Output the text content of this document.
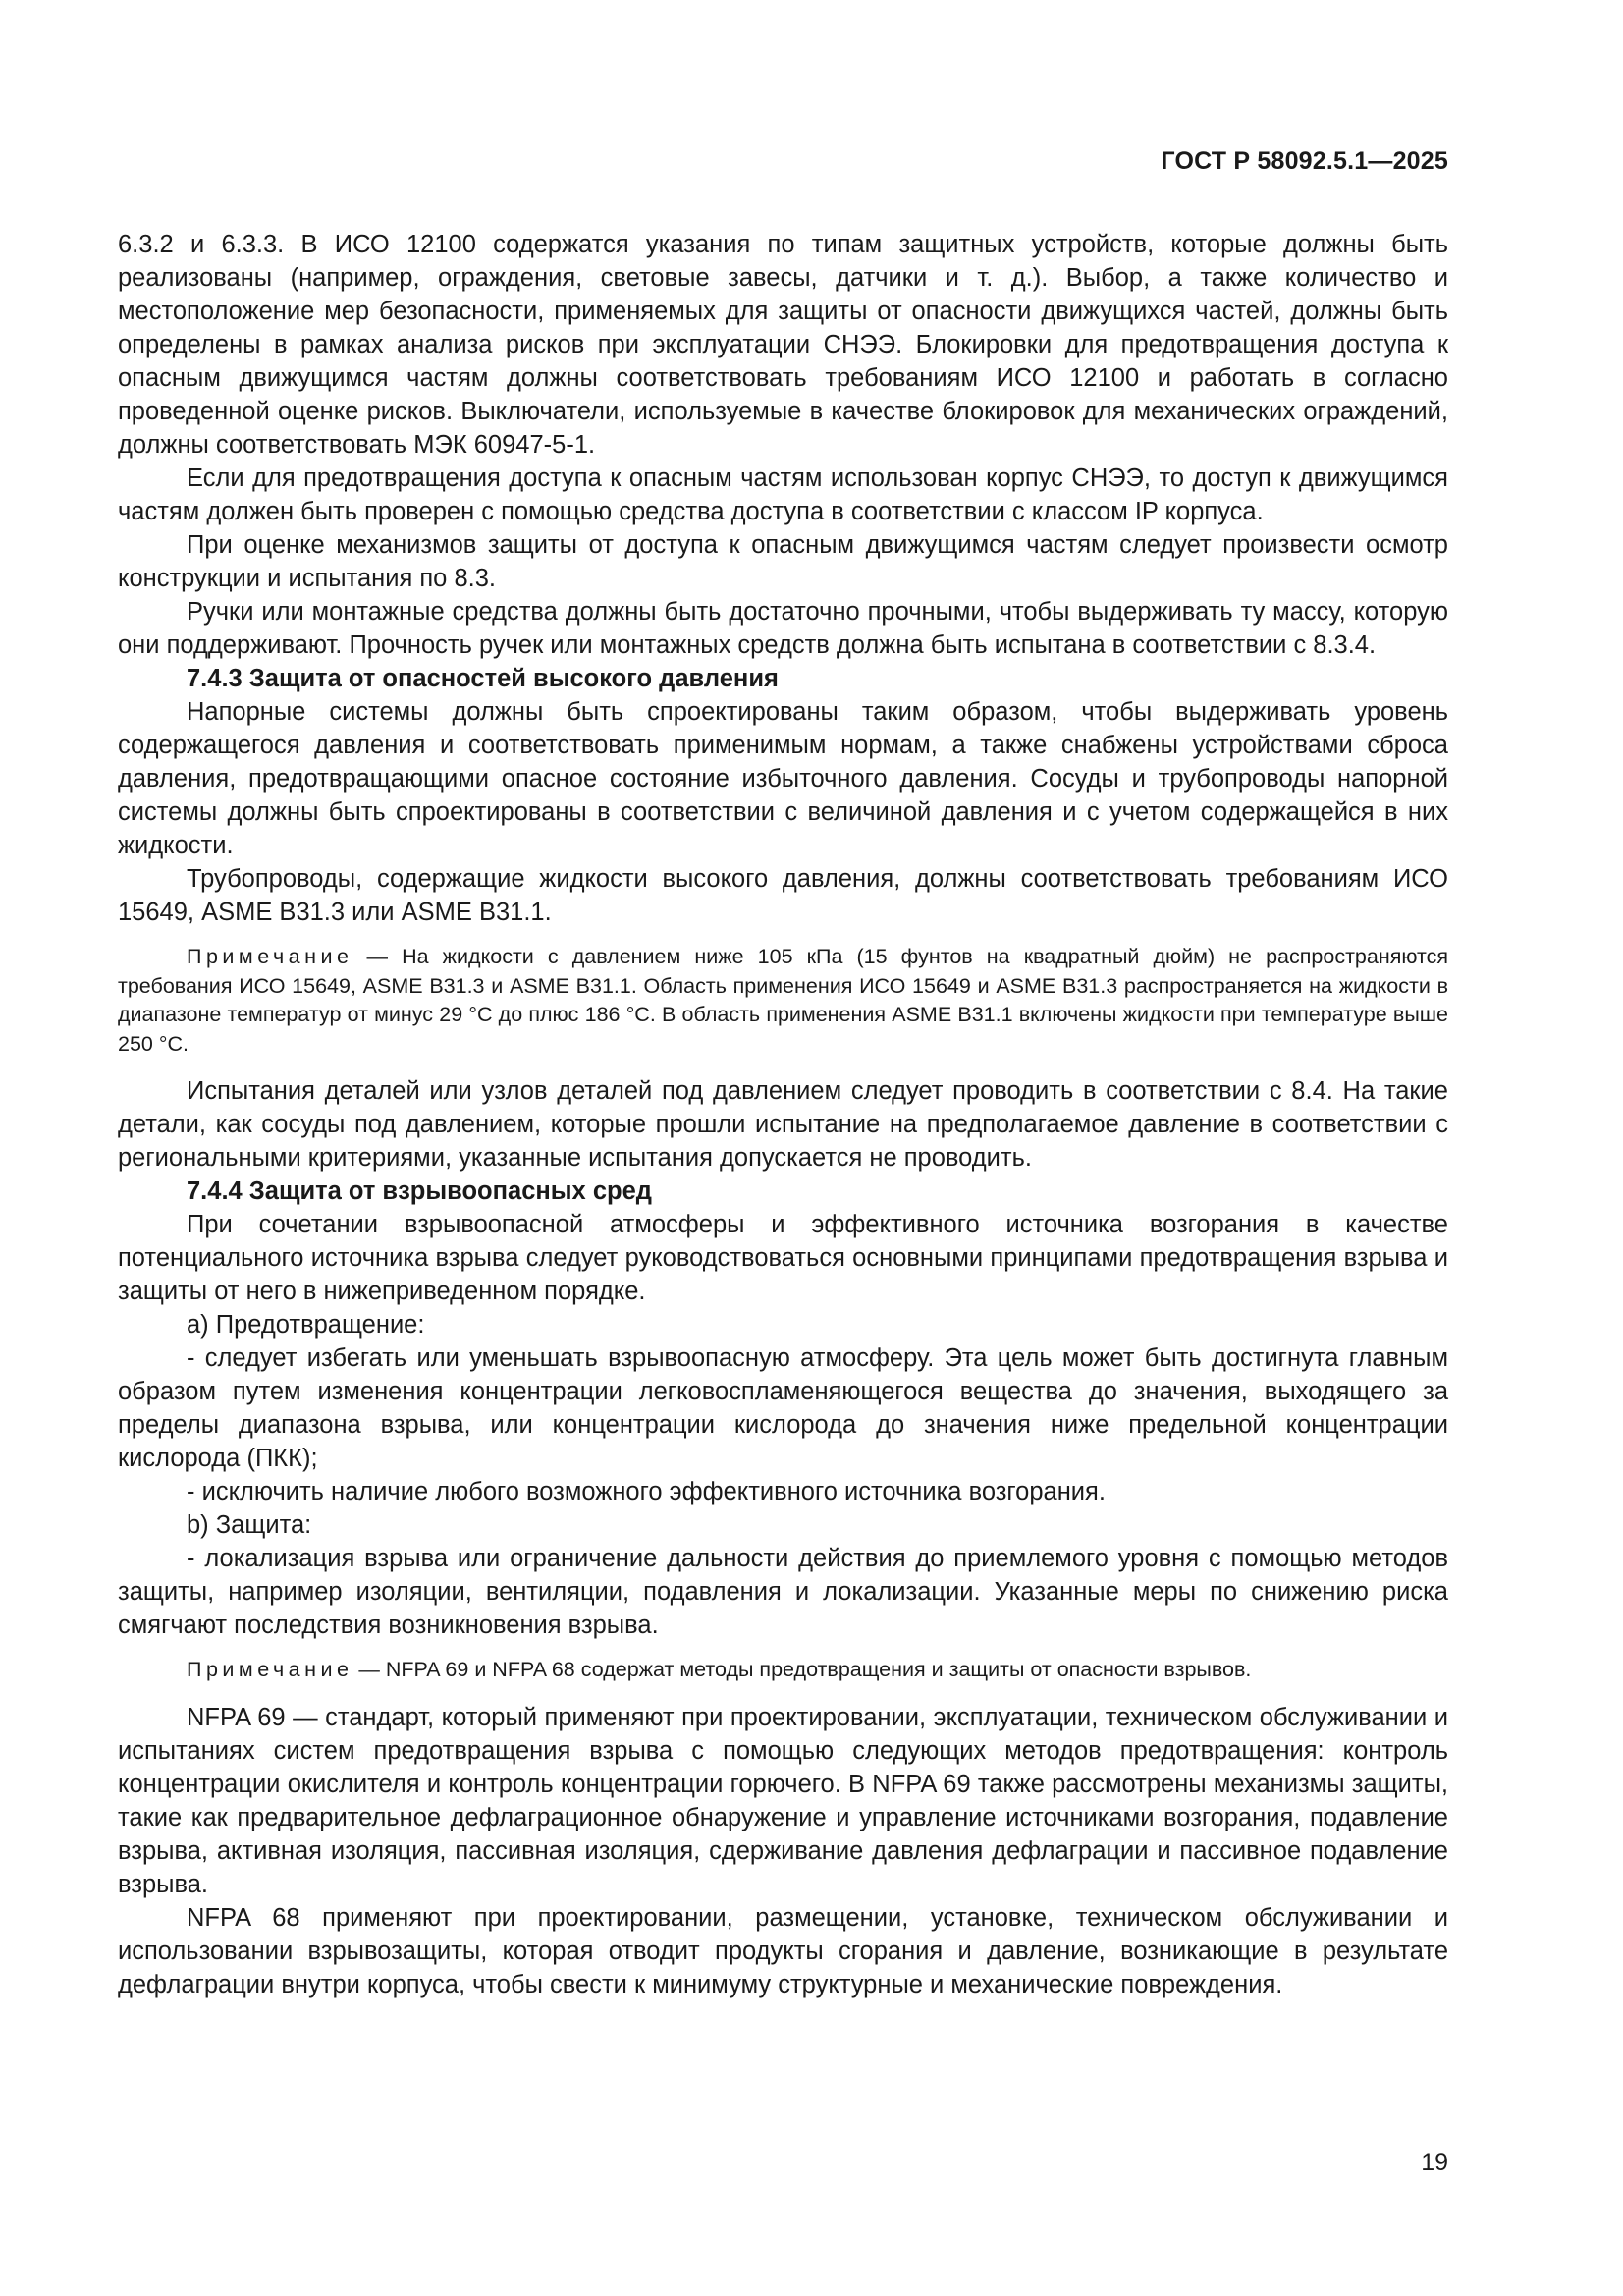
ГОСТ Р 58092.5.1—2025

6.3.2 и 6.3.3. В ИСО 12100 содержатся указания по типам защитных устройств, которые должны быть реализованы (например, ограждения, световые завесы, датчики и т. д.). Выбор, а также количество и местоположение мер безопасности, применяемых для защиты от опасности движущихся частей, должны быть определены в рамках анализа рисков при эксплуатации СНЭЭ. Блокировки для предотвращения доступа к опасным движущимся частям должны соответствовать требованиям ИСО 12100 и работать в согласно проведенной оценке рисков. Выключатели, используемые в качестве блокировок для механических ограждений, должны соответствовать МЭК 60947-5-1.

Если для предотвращения доступа к опасным частям использован корпус СНЭЭ, то доступ к движущимся частям должен быть проверен с помощью средства доступа в соответствии с классом IP корпуса.

При оценке механизмов защиты от доступа к опасным движущимся частям следует произвести осмотр конструкции и испытания по 8.3.

Ручки или монтажные средства должны быть достаточно прочными, чтобы выдерживать ту массу, которую они поддерживают. Прочность ручек или монтажных средств должна быть испытана в соответствии с 8.3.4.

7.4.3 Защита от опасностей высокого давления

Напорные системы должны быть спроектированы таким образом, чтобы выдерживать уровень содержащегося давления и соответствовать применимым нормам, а также снабжены устройствами сброса давления, предотвращающими опасное состояние избыточного давления. Сосуды и трубопроводы напорной системы должны быть спроектированы в соответствии с величиной давления и с учетом содержащейся в них жидкости.

Трубопроводы, содержащие жидкости высокого давления, должны соответствовать требованиям ИСО 15649, ASME B31.3 или ASME B31.1.

Примечание — На жидкости с давлением ниже 105 кПа (15 фунтов на квадратный дюйм) не распространяются требования ИСО 15649, ASME B31.3 и ASME B31.1. Область применения ИСО 15649 и ASME B31.3 распространяется на жидкости в диапазоне температур от минус 29 °C до плюс 186 °C. В область применения ASME B31.1 включены жидкости при температуре выше 250 °C.

Испытания деталей или узлов деталей под давлением следует проводить в соответствии с 8.4. На такие детали, как сосуды под давлением, которые прошли испытание на предполагаемое давление в соответствии с региональными критериями, указанные испытания допускается не проводить.

7.4.4 Защита от взрывоопасных сред

При сочетании взрывоопасной атмосферы и эффективного источника возгорания в качестве потенциального источника взрыва следует руководствоваться основными принципами предотвращения взрыва и защиты от него в нижеприведенном порядке.

a) Предотвращение:

- следует избегать или уменьшать взрывоопасную атмосферу. Эта цель может быть достигнута главным образом путем изменения концентрации легковоспламеняющегося вещества до значения, выходящего за пределы диапазона взрыва, или концентрации кислорода до значения ниже предельной концентрации кислорода (ПКК);

- исключить наличие любого возможного эффективного источника возгорания.

b) Защита:

- локализация взрыва или ограничение дальности действия до приемлемого уровня с помощью методов защиты, например изоляции, вентиляции, подавления и локализации. Указанные меры по снижению риска смягчают последствия возникновения взрыва.

Примечание — NFPA 69 и NFPA 68 содержат методы предотвращения и защиты от опасности взрывов.

NFPA 69 — стандарт, который применяют при проектировании, эксплуатации, техническом обслуживании и испытаниях систем предотвращения взрыва с помощью следующих методов предотвращения: контроль концентрации окислителя и контроль концентрации горючего. В NFPA 69 также рассмотрены механизмы защиты, такие как предварительное дефлаграционное обнаружение и управление источниками возгорания, подавление взрыва, активная изоляция, пассивная изоляция, сдерживание давления дефлаграции и пассивное подавление взрыва.

NFPA 68 применяют при проектировании, размещении, установке, техническом обслуживании и использовании взрывозащиты, которая отводит продукты сгорания и давление, возникающие в результате дефлаграции внутри корпуса, чтобы свести к минимуму структурные и механические повреждения.

19
